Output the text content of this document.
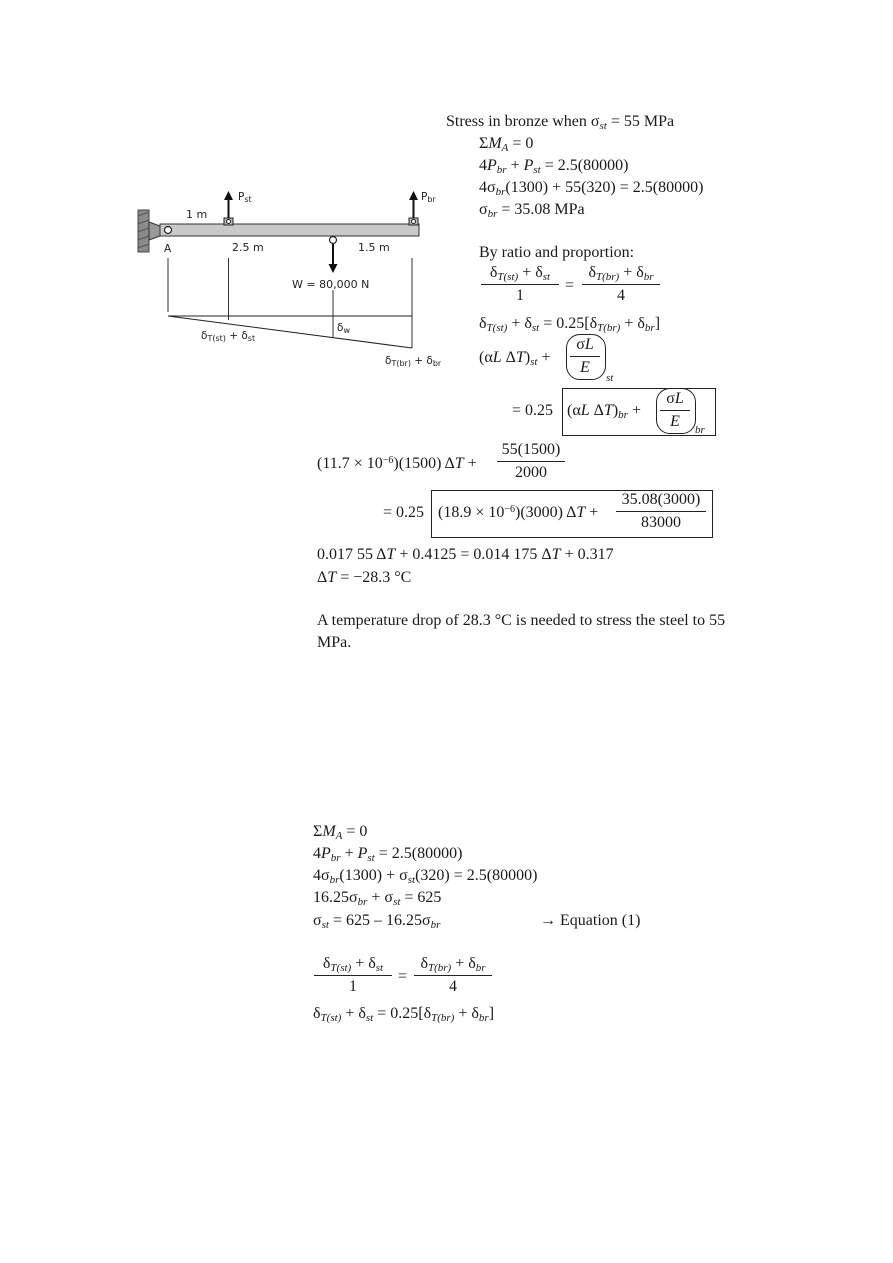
Pst	Pbr
1 m
2.5 m	1.5 m
A
W = 80,000 N
δw
δT(st) + δst
δT(br) + δbr
Stress in bronze when $\sigma_{st} = 55$ MPa
$\Sigma M_A = 0$
$4P_{br} + P_{st} = 2.5(80000)$
$4\sigma_{br}(1300) + 55(320) = 2.5(80000)$
$\sigma_{br} = 35.08$ MPa
By ratio and proportion:
$\delta_{T(st)} + \delta_{st}$
1
=
$\delta_{T(br)} + \delta_{br}$
4
$\delta_{T(st)} + \delta_{st} = 0.25[\delta_{T(br)} + \delta_{br}]$
(αL $\Delta T)_{st} + \frac{\sigma L}{E}$
st
= 0.25 (αL $\Delta T)_{br} + \frac{\sigma L}{E}$ br
$(11.7 \times 10^{-6})(1500)$ $\Delta T + \frac{55(1500)}{2000}$
= 0.25 $(18.9 \times 10^{-6})(3000)$ $\Delta T + \frac{35.08(3000)}{83000}$
0.017 55 ΔT + 0.4125 = 0.014 175 ΔT + 0.317
ΔT = −28.3 °C
A temperature drop of 28.3 °C is needed to stress the steel to 55 MPa.
$\Sigma M_A = 0$
$4P_{br} + P_{st} = 2.5(80000)$
$4\sigma_{br}(1300) + \sigma_{st}(320) = 2.5(80000)$
$16.25\sigma_{br} + \sigma_{st} = 625$
$\sigma_{st} = 625 - 16.25\sigma_{br}$	→ Equation (1)
$\delta_{T(st)} + \delta_{st}$
1
=
$\delta_{T(br)} + \delta_{br}$
4
$\delta_{T(st)} + \delta_{st} = 0.25[\delta_{T(br)} + \delta_{br}]$
